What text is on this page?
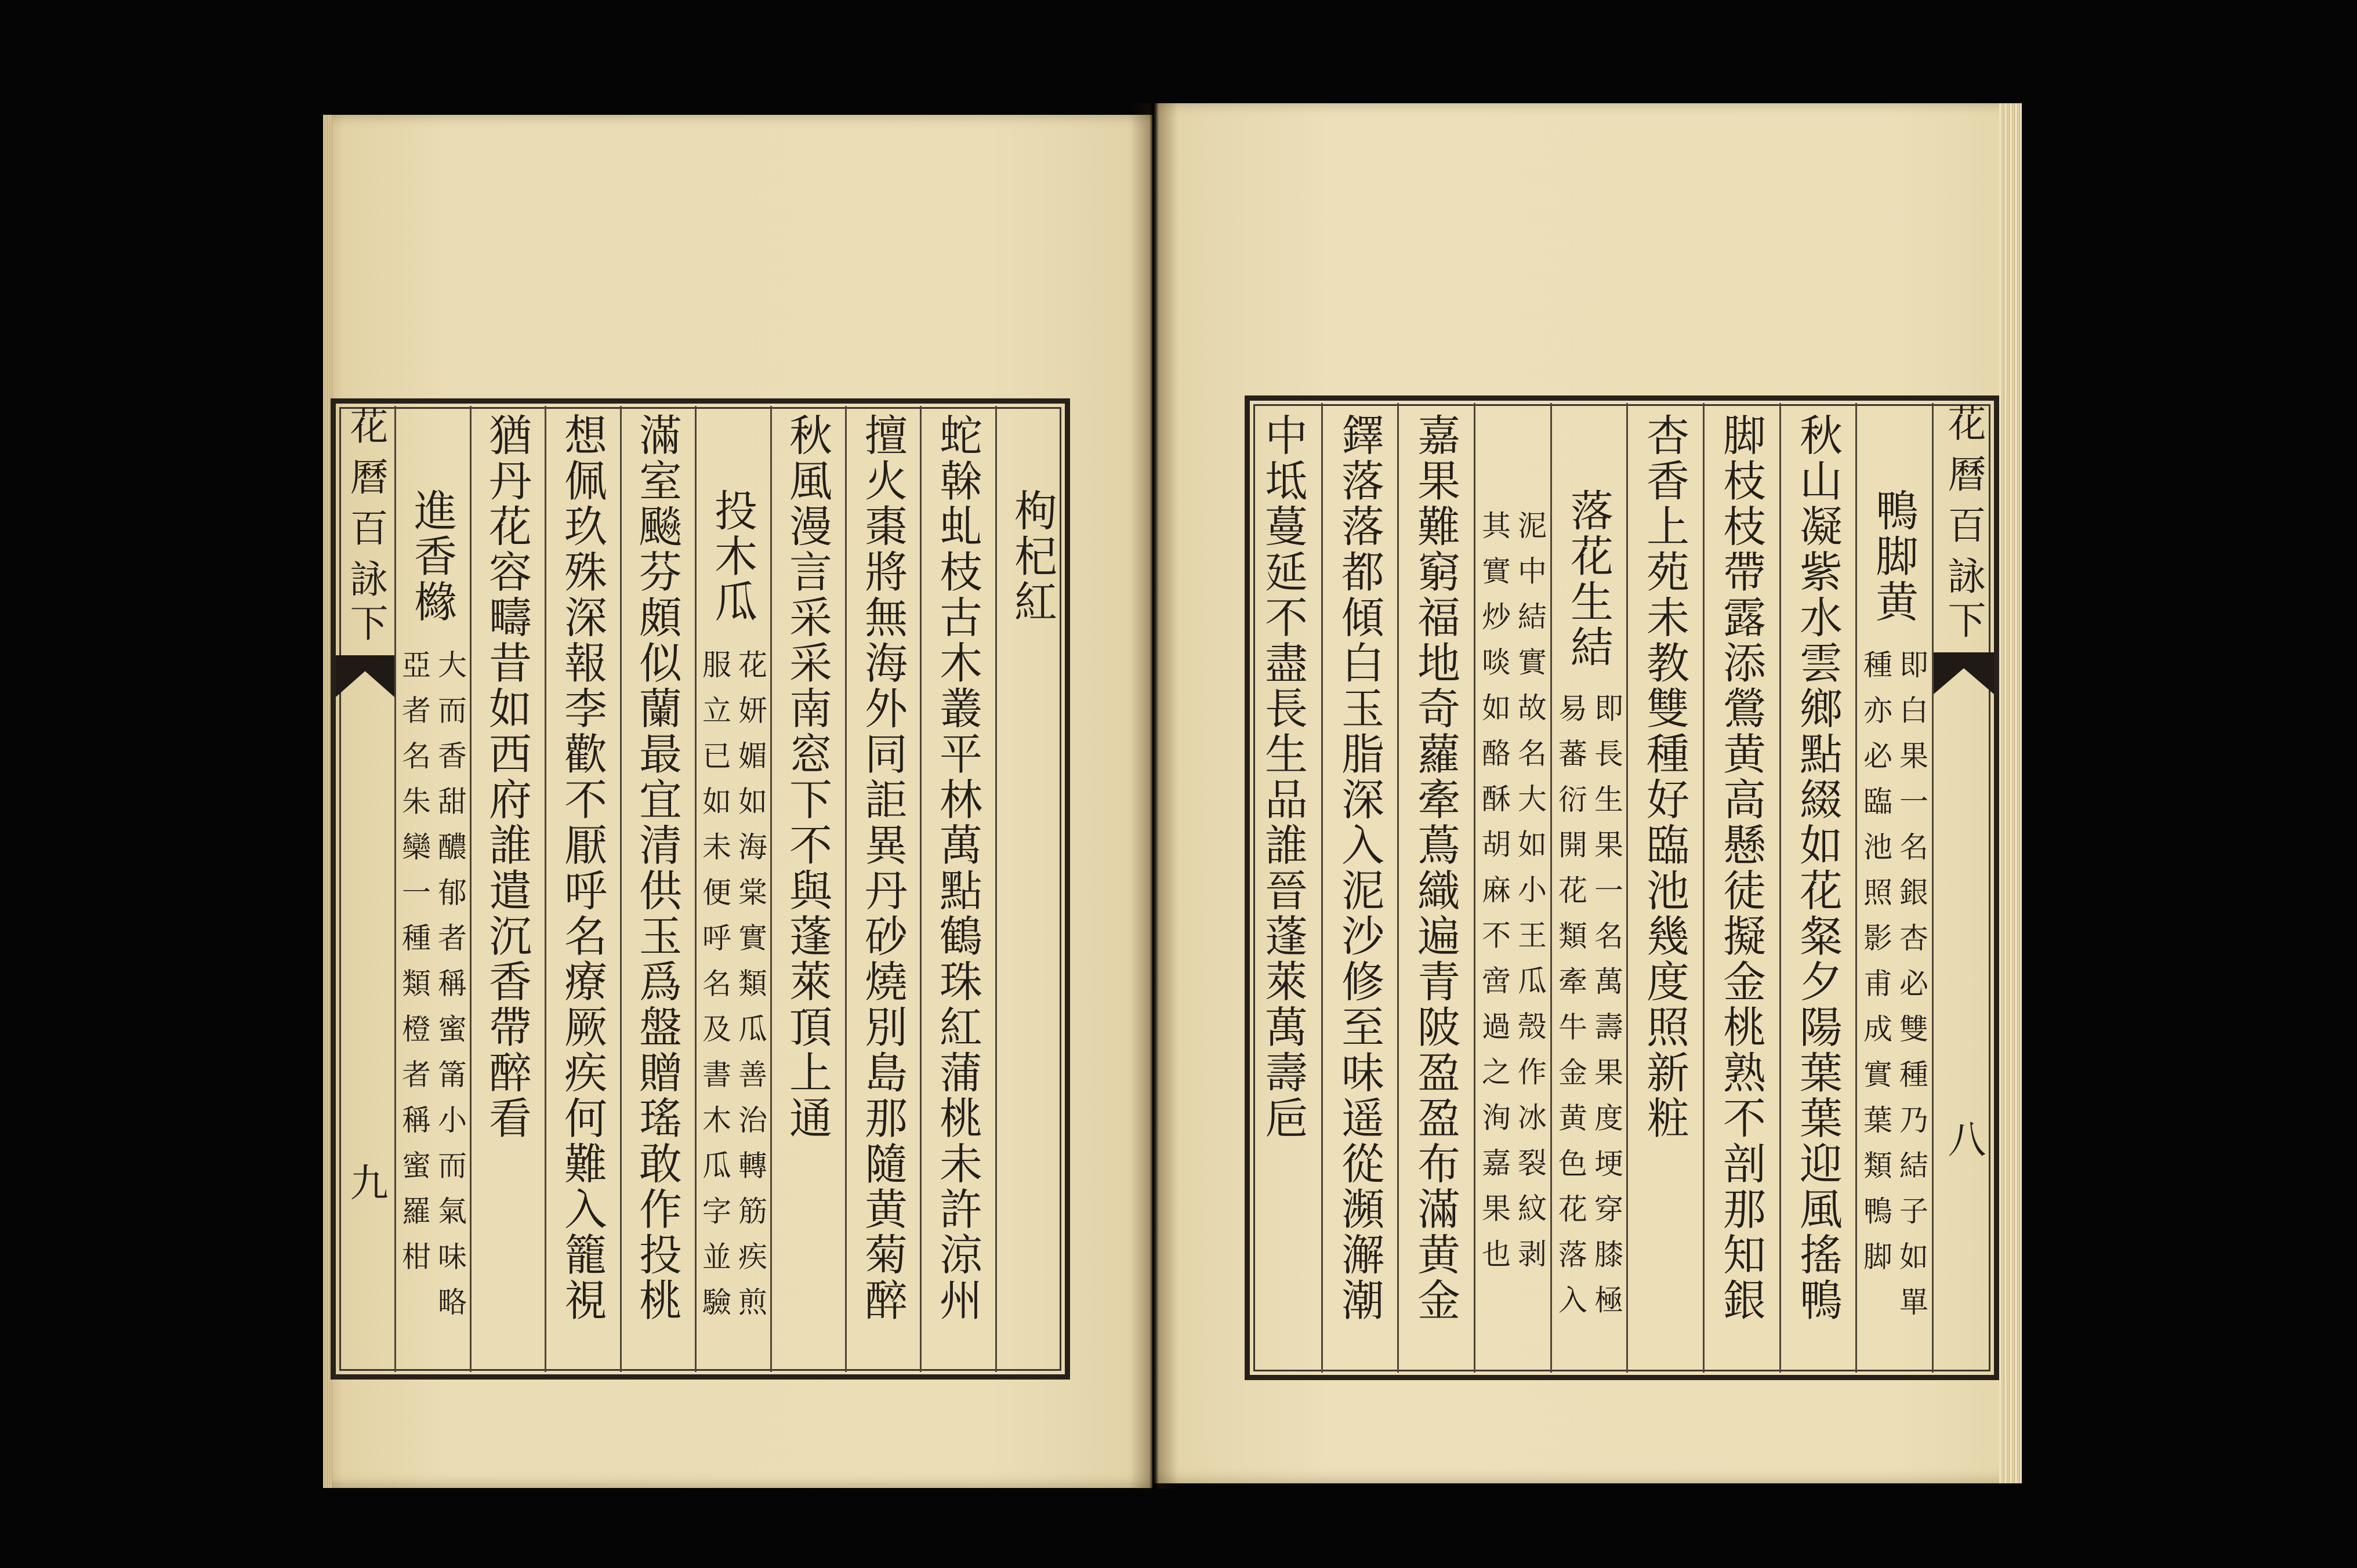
花曆百詠
下
九
花曆百詠
下
八
鴨脚黄
即白果一名銀杏必雙種乃結子如單
種亦必臨池照影甫成實葉類鴨脚
秋山凝紫水雲鄉點綴如花粲夕陽葉葉迎風搖鴨
脚枝枝帶露添鶯黄高懸徒擬金桃熟不剖那知銀
杏香上苑未教雙種好臨池幾度照新粧
落花生結
即長生果一名萬壽果度埂穿膝極
易蕃衍開花類牽牛金黄色花落入
泥中結實故名大如小王瓜殼作冰裂紋剥
其實炒啖如酪酥胡麻不啻過之洵嘉果也
嘉果難窮福地奇蘿牽蔦織遍青陂盈盈布滿黄金
鐸落落都傾白玉脂深入泥沙修至味遥從瀕澥潮
中坻蔓延不盡長生品誰晉蓬萊萬壽巵
枸杞紅
蛇榦虬枝古木叢平林萬點鶴珠紅蒲桃未許涼州
擅火棗將無海外同詎異丹砂燒別島那隨黄菊醉
秋風漫言采采南窓下不與蓬萊頂上通
投木瓜
花妍媚如海棠實類瓜善治轉筋疾煎
服立已如未便呼名及書木瓜字並驗
滿室飈芬頗似蘭最宜清供玉爲盤贈瑤敢作投桃
想佩玖殊深報李歡不厭呼名療厥疾何難入籠視
猶丹花容疇昔如西府誰遣沉香帶醉看
進香櫞
大而香甜醲郁者稱蜜筩小而氣味略
亞者名朱欒一種類橙者稱蜜羅柑
